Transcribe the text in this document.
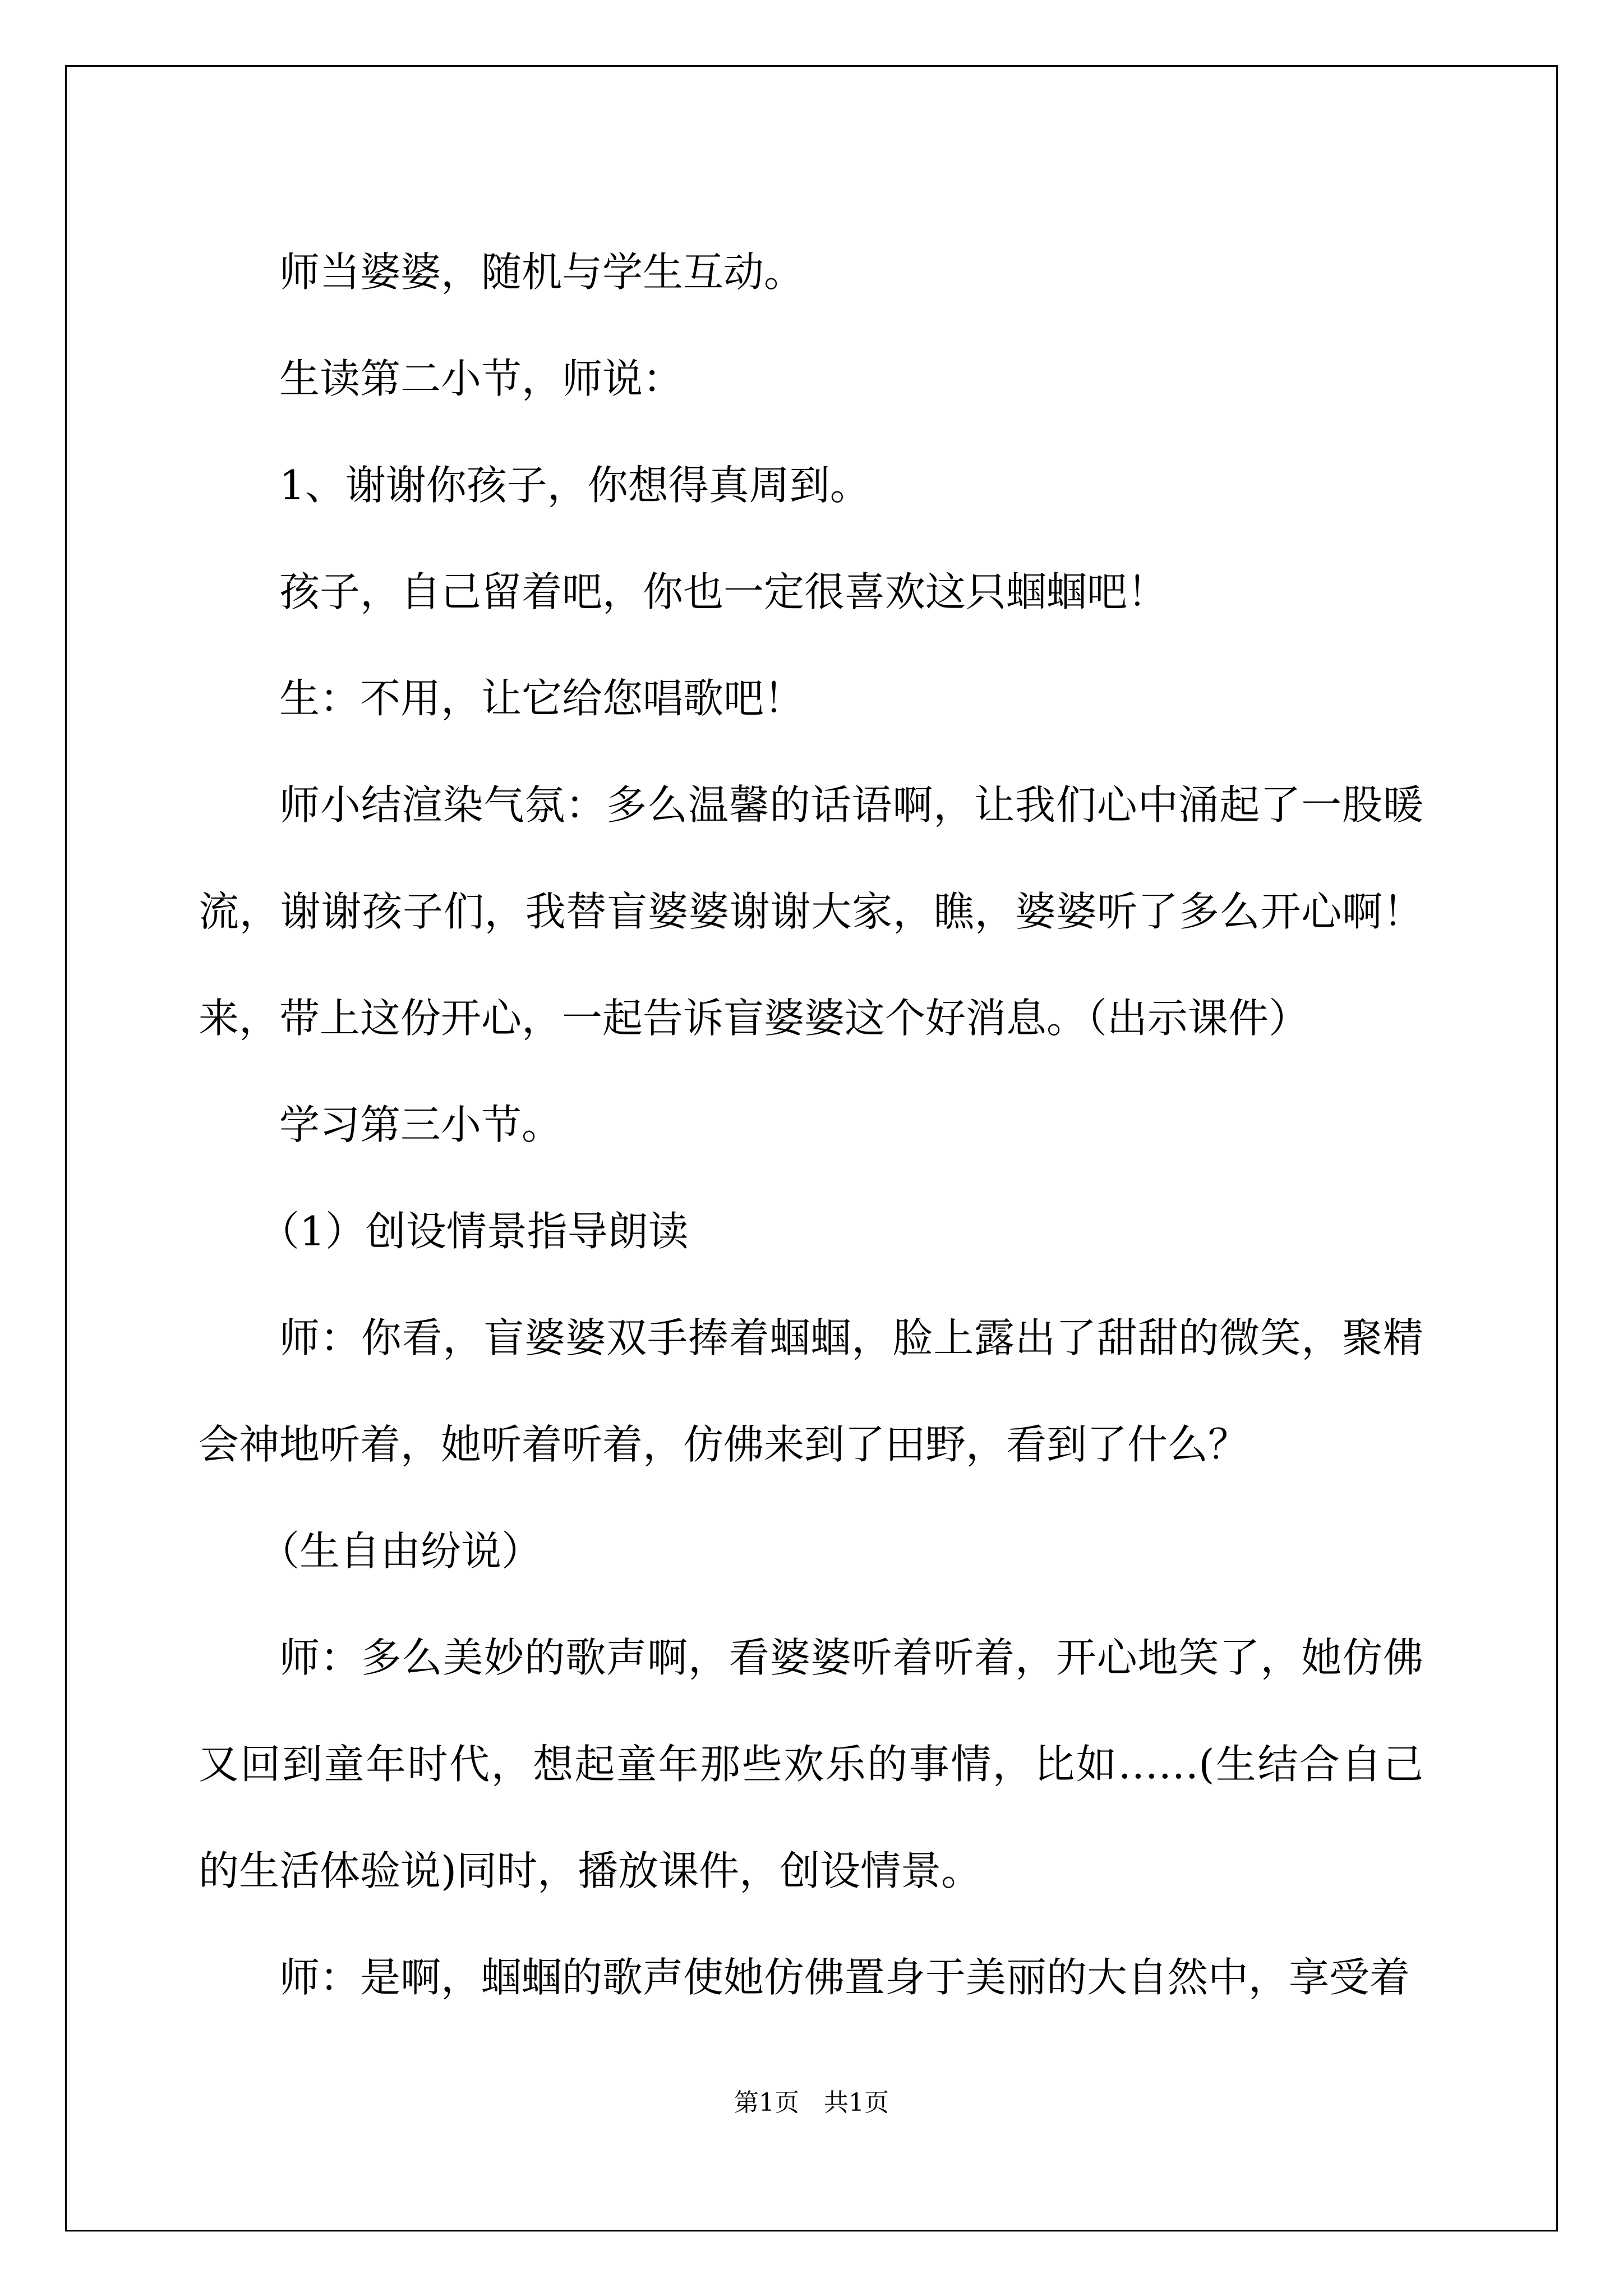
师当婆婆，随机与学生互动。

生读第二小节，师说：

1、谢谢你孩子，你想得真周到。

孩子，自己留着吧，你也一定很喜欢这只蝈蝈吧！

生：不用，让它给您唱歌吧！

师小结渲染气氛：多么温馨的话语啊，让我们心中涌起了一股暖流，谢谢孩子们，我替盲婆婆谢谢大家，瞧，婆婆听了多么开心啊！来，带上这份开心，一起告诉盲婆婆这个好消息。（出示课件）

学习第三小节。

（1）创设情景指导朗读

师：你看，盲婆婆双手捧着蝈蝈，脸上露出了甜甜的微笑，聚精会神地听着，她听着听着，仿佛来到了田野，看到了什么？

（生自由纷说）

师：多么美妙的歌声啊，看婆婆听着听着，开心地笑了，她仿佛又回到童年时代，想起童年那些欢乐的事情，比如……(生结合自己的生活体验说)同时，播放课件，创设情景。

师：是啊，蝈蝈的歌声使她仿佛置身于美丽的大自然中，享受着

第1页　共1页
